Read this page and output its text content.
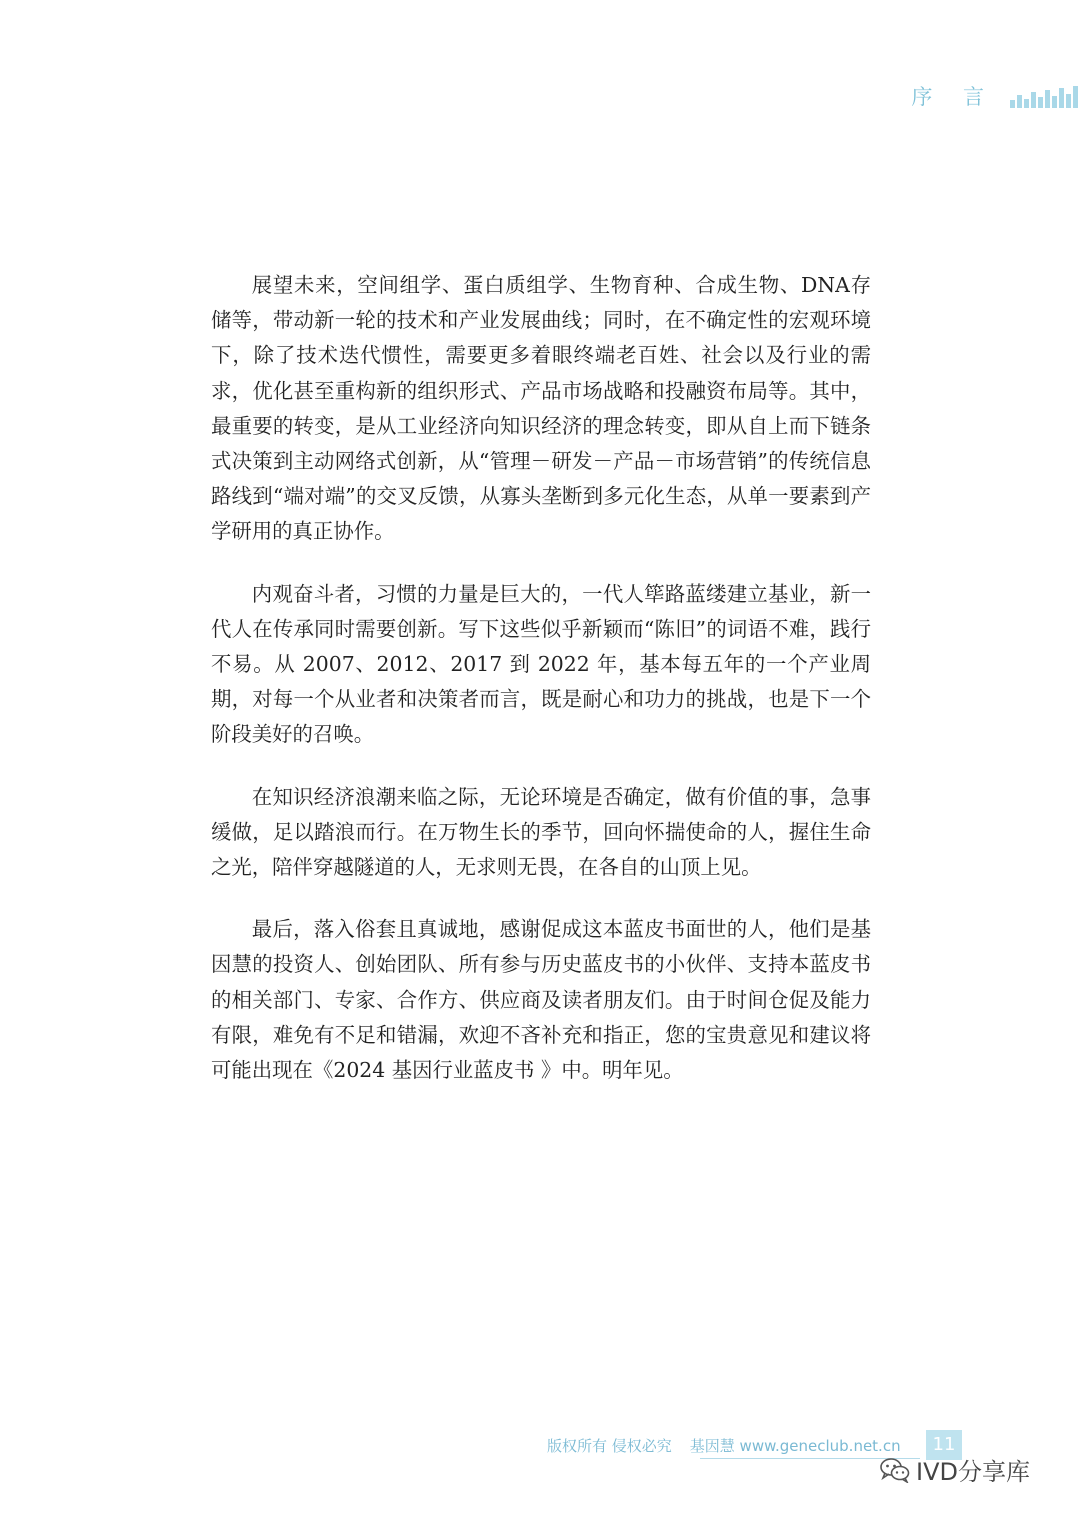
序 言

展望未来，空间组学、蛋白质组学、生物育种、合成生物、DNA存储等，带动新一轮的技术和产业发展曲线；同时，在不确定性的宏观环境下，除了技术迭代惯性，需要更多着眼终端老百姓、社会以及行业的需求，优化甚至重构新的组织形式、产品市场战略和投融资布局等。其中，最重要的转变，是从工业经济向知识经济的理念转变，即从自上而下链条式决策到主动网络式创新，从“管理－研发－产品－市场营销”的传统信息路线到“端对端”的交叉反馈，从寡头垄断到多元化生态，从单一要素到产学研用的真正协作。

内观奋斗者，习惯的力量是巨大的，一代人筚路蓝缕建立基业，新一代人在传承同时需要创新。写下这些似乎新颖而“陈旧”的词语不难，践行不易。从 2007、2012、2017 到 2022 年，基本每五年的一个产业周期，对每一个从业者和决策者而言，既是耐心和功力的挑战，也是下一个阶段美好的召唤。

在知识经济浪潮来临之际，无论环境是否确定，做有价值的事，急事缓做，足以踏浪而行。在万物生长的季节，回向怀揣使命的人，握住生命之光，陪伴穿越隧道的人，无求则无畏，在各自的山顶上见。

最后，落入俗套且真诚地，感谢促成这本蓝皮书面世的人，他们是基因慧的投资人、创始团队、所有参与历史蓝皮书的小伙伴、支持本蓝皮书的相关部门、专家、合作方、供应商及读者朋友们。由于时间仓促及能力有限，难免有不足和错漏，欢迎不吝补充和指正，您的宝贵意见和建议将可能出现在《2024 基因行业蓝皮书 》中。明年见。

版权所有 侵权必究 基因慧 www.geneclub.net.cn	11
IVD分享库
